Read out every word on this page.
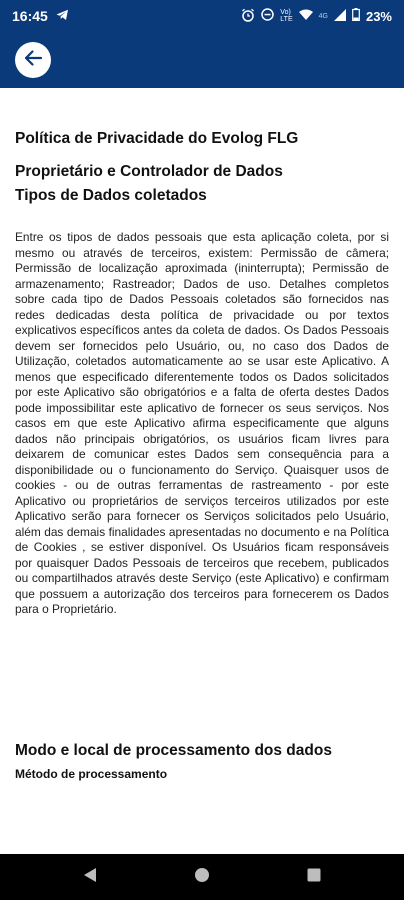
16:45	Vo)
LTE	4G	23%
Política de Privacidade do Evolog FLG
Proprietário e Controlador de Dados
Tipos de Dados coletados

Entre os tipos de dados pessoais que esta aplicação coleta, por si mesmo ou através de terceiros, existem: Permissão de câmera; Permissão de localização aproximada (ininterrupta); Permissão de armazenamento; Rastreador; Dados de uso. Detalhes completos sobre cada tipo de Dados Pessoais coletados são fornecidos nas redes dedicadas desta política de privacidade ou por textos explicativos específicos antes da coleta de dados. Os Dados Pessoais devem ser fornecidos pelo Usuário, ou, no caso dos Dados de Utilização, coletados automaticamente ao se usar este Aplicativo. A menos que especificado diferentemente todos os Dados solicitados por este Aplicativo são obrigatórios e a falta de oferta destes Dados pode impossibilitar este aplicativo de fornecer os seus serviços. Nos casos em que este Aplicativo afirma especificamente que alguns dados não principais obrigatórios, os usuários ficam livres para deixarem de comunicar estes Dados sem consequência para a disponibilidade ou o funcionamento do Serviço. Quaisquer usos de cookies - ou de outras ferramentas de rastreamento - por este Aplicativo ou proprietários de serviços terceiros utilizados por este Aplicativo serão para fornecer os Serviços solicitados pelo Usuário, além das demais finalidades apresentadas no documento e na Política de Cookies , se estiver disponível. Os Usuários ficam responsáveis por quaisquer Dados Pessoais de terceiros que recebem, publicados ou compartilhados através deste Serviço (este Aplicativo) e confirmam que possuem a autorização dos terceiros para fornecerem os Dados para o Proprietário.

Modo e local de processamento dos dados
Método de processamento
